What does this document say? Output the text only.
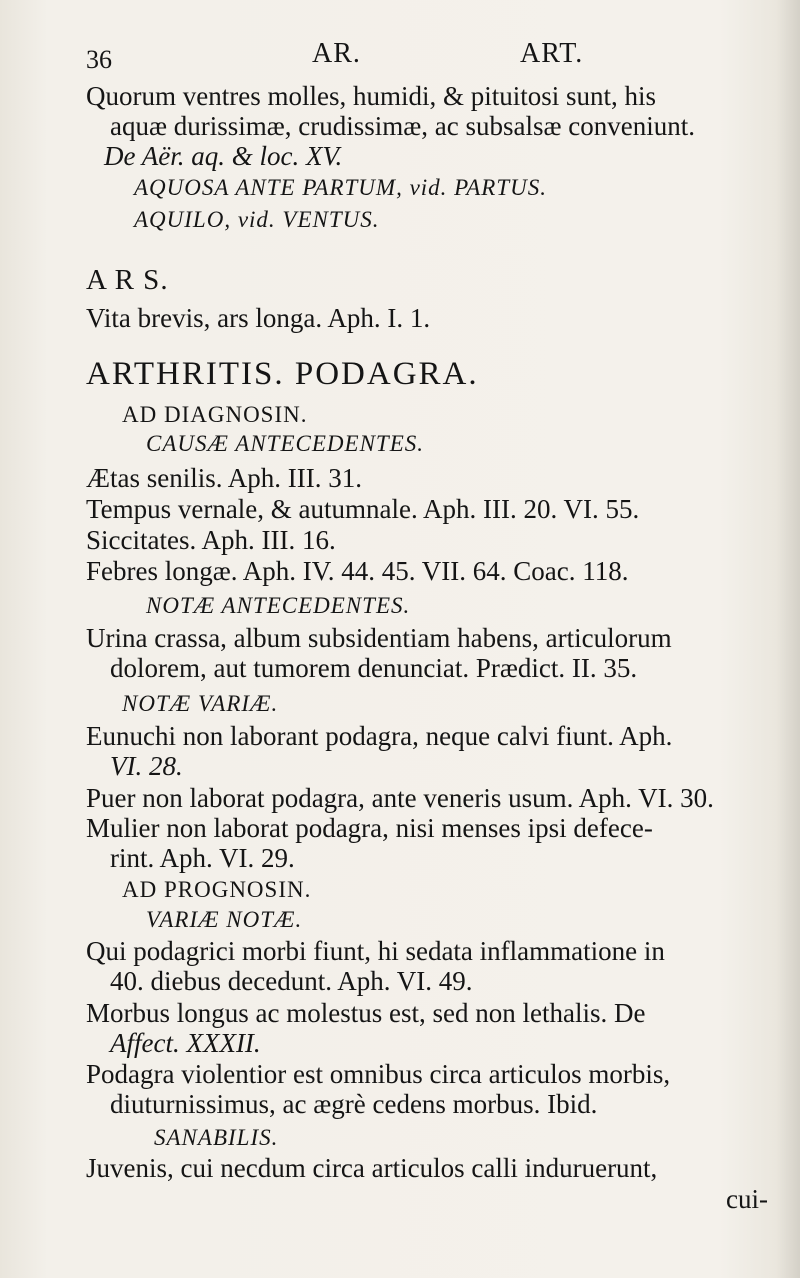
36	AR.	ART.
Quorum ventres molles, humidi, & pituitosi sunt, his
aquæ durissimæ, crudissimæ, ac subsalsæ conveniunt.
De Aër. aq. & loc. XV.
AQUOSA ANTE PARTUM, vid. PARTUS.
AQUILO, vid. VENTUS.
A R S.
Vita brevis, ars longa. Aph. I. 1.
ARTHRITIS. PODAGRA.
AD DIAGNOSIN.
CAUSÆ ANTECEDENTES.
Ætas senilis. Aph. III. 31.
Tempus vernale, & autumnale. Aph. III. 20. VI. 55.
Siccitates. Aph. III. 16.
Febres longæ. Aph. IV. 44. 45. VII. 64. Coac. 118.
NOTÆ ANTECEDENTES.
Urina crassa, album subsidentiam habens, articulorum
dolorem, aut tumorem denunciat. Prædict. II. 35.
NOTÆ VARIÆ.
Eunuchi non laborant podagra, neque calvi fiunt. Aph.
VI. 28.
Puer non laborat podagra, ante veneris usum. Aph. VI. 30.
Mulier non laborat podagra, nisi menses ipsi defece-
rint. Aph. VI. 29.
AD PROGNOSIN.
VARIÆ NOTÆ.
Qui podagrici morbi fiunt, hi sedata inflammatione in
40. diebus decedunt. Aph. VI. 49.
Morbus longus ac molestus est, sed non lethalis. De
Affect. XXXII.
Podagra violentior est omnibus circa articulos morbis,
diuturnissimus, ac ægrè cedens morbus. Ibid.
SANABILIS.
Juvenis, cui necdum circa articulos calli induruerunt,
cui-
